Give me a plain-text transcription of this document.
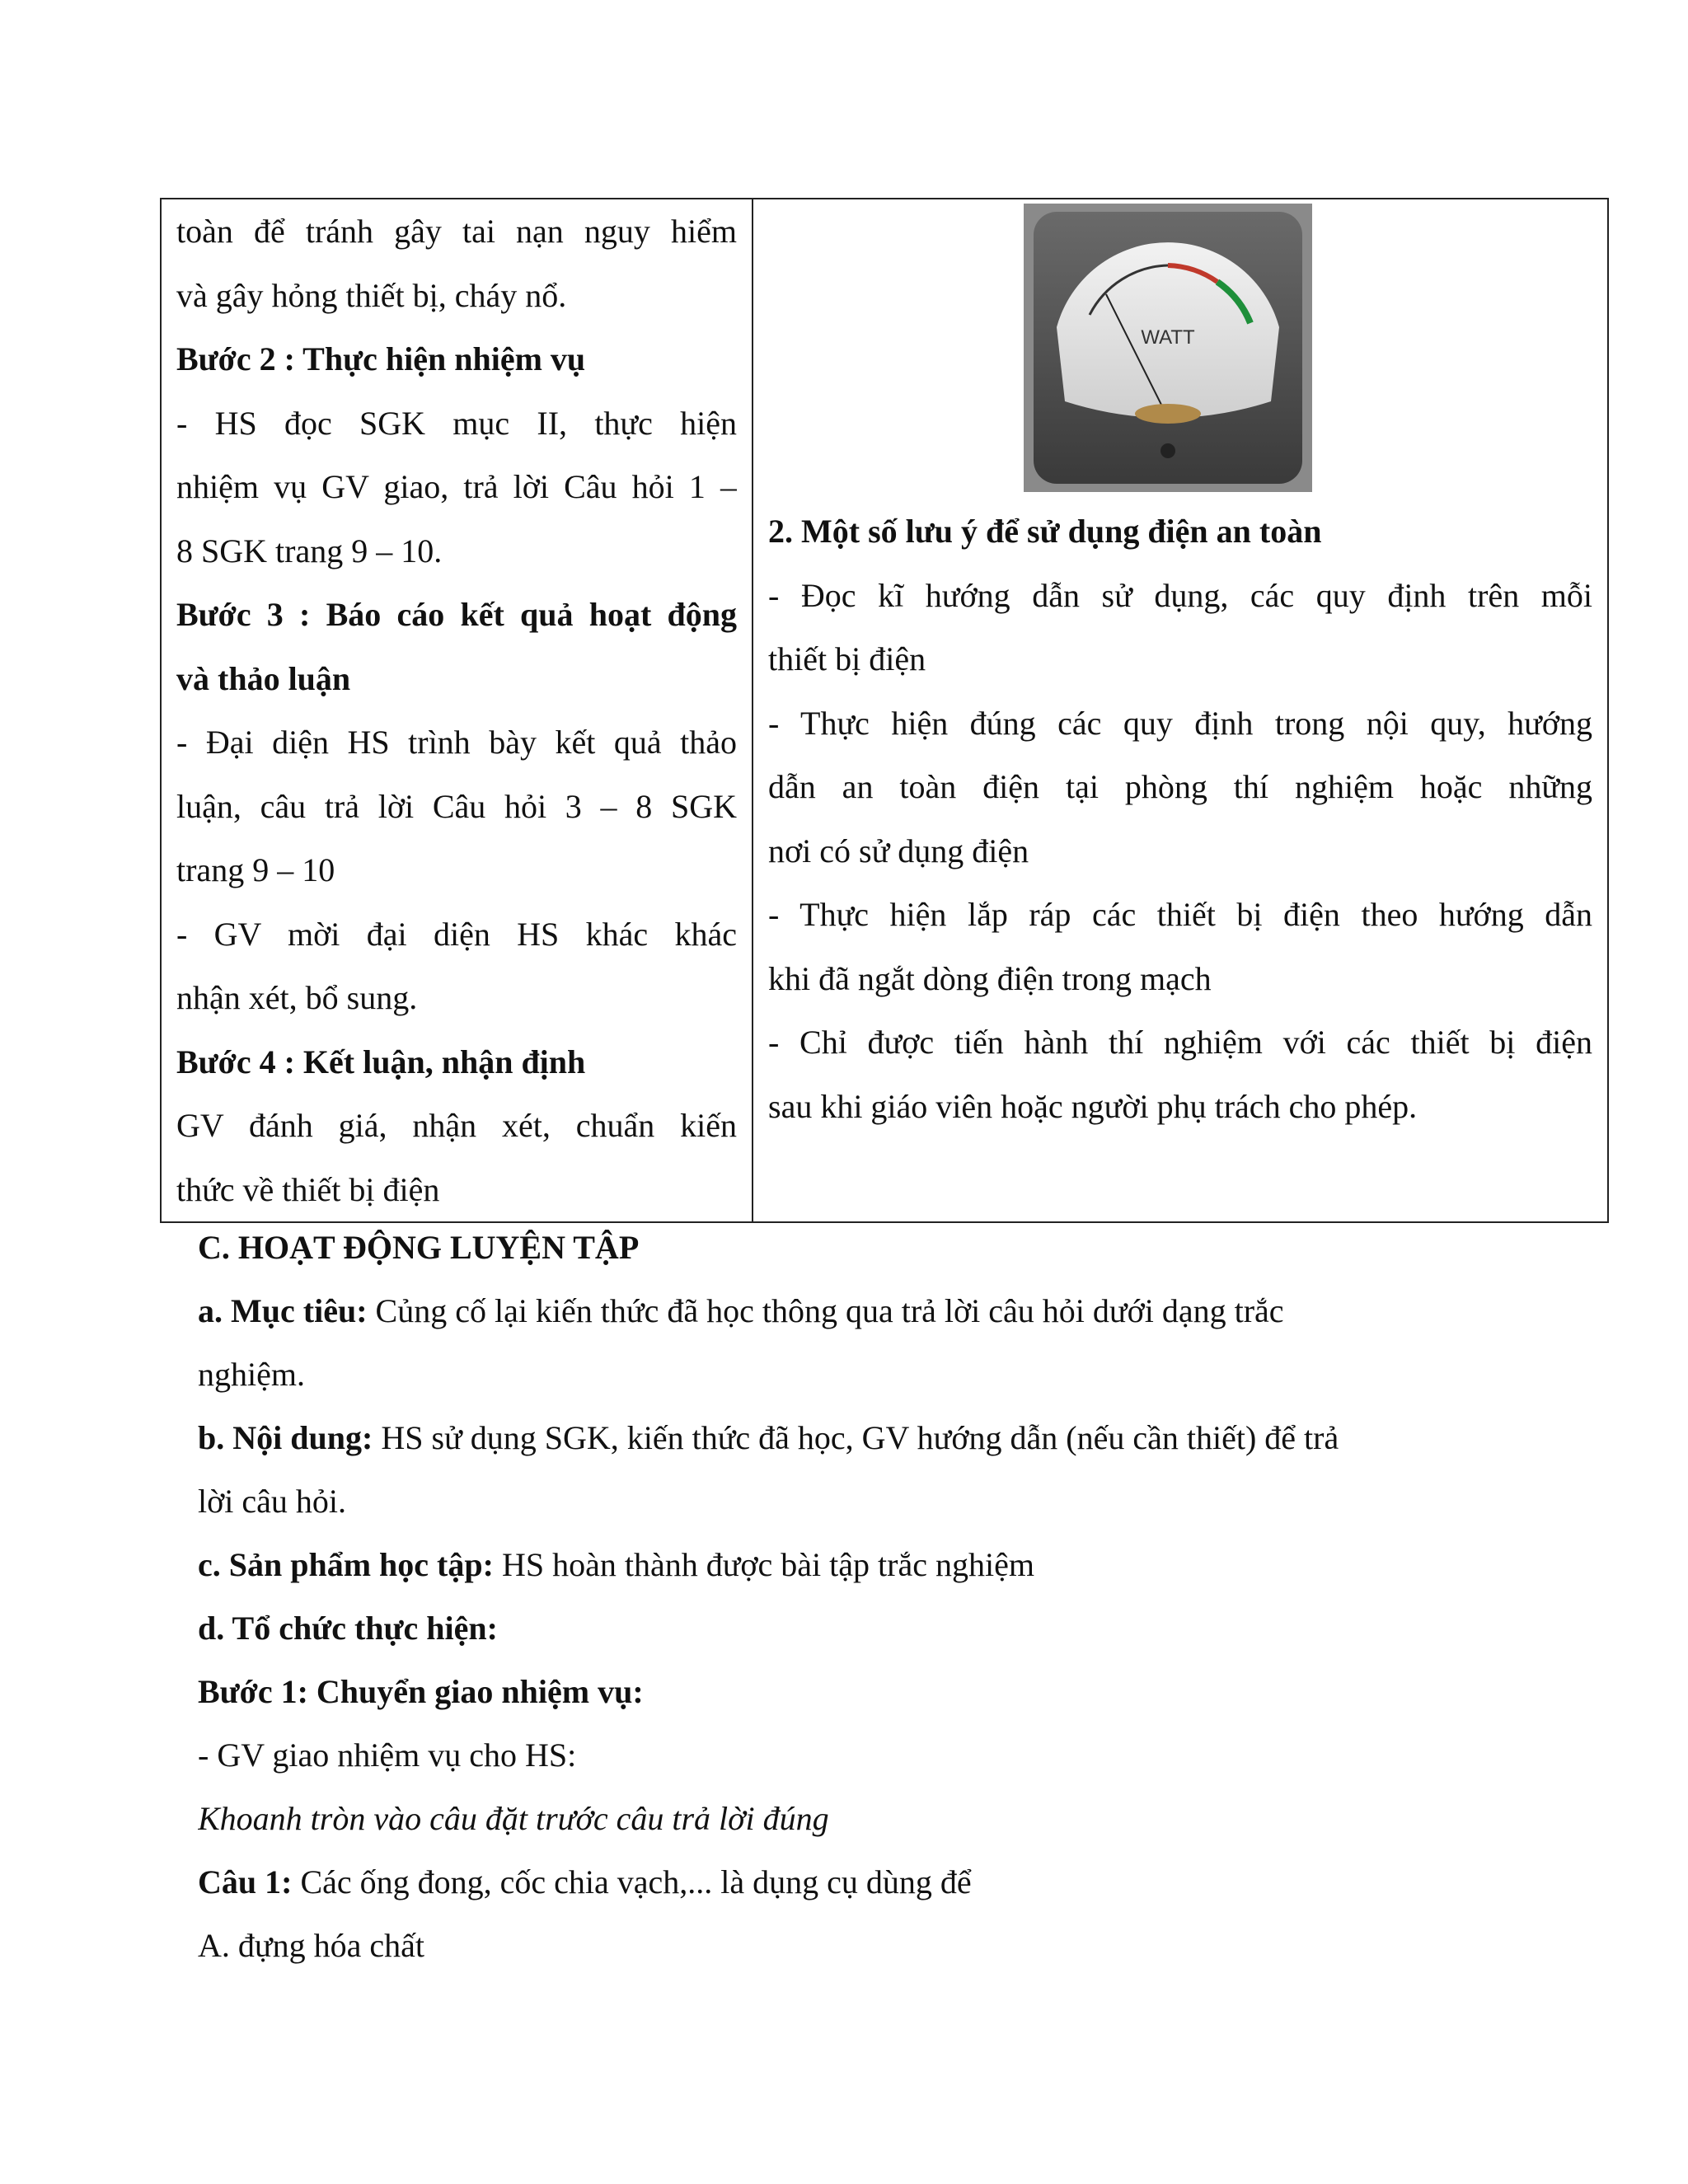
toàn để tránh gây tai nạn nguy hiểm
và gây hỏng thiết bị, cháy nổ.
Bước 2 : Thực hiện nhiệm vụ
- HS đọc SGK mục II, thực hiện
nhiệm vụ GV giao, trả lời Câu hỏi 1 –
8 SGK trang 9 – 10.
Bước 3 : Báo cáo kết quả hoạt động
và thảo luận
- Đại diện HS trình bày kết quả thảo
luận, câu trả lời Câu hỏi 3 – 8 SGK
trang 9 – 10
- GV mời đại diện HS khác khác
nhận xét, bổ sung.
Bước 4 : Kết luận, nhận định
GV đánh giá, nhận xét, chuẩn kiến
thức về thiết bị điện

WATT
2. Một số lưu ý để sử dụng điện an toàn
- Đọc kĩ hướng dẫn sử dụng, các quy định trên mỗi
thiết bị điện
- Thực hiện đúng các quy định trong nội quy, hướng
dẫn an toàn điện tại phòng thí nghiệm hoặc những
nơi có sử dụng điện
- Thực hiện lắp ráp các thiết bị điện theo hướng dẫn
khi đã ngắt dòng điện trong mạch
- Chỉ được tiến hành thí nghiệm với các thiết bị điện
sau khi giáo viên hoặc người phụ trách cho phép.
C. HOẠT ĐỘNG LUYỆN TẬP
a. Mục tiêu: Củng cố lại kiến thức đã học thông qua trả lời câu hỏi dưới dạng trắc
nghiệm.
b. Nội dung: HS sử dụng SGK, kiến thức đã học, GV hướng dẫn (nếu cần thiết) để trả
lời câu hỏi.
c. Sản phẩm học tập: HS hoàn thành được bài tập trắc nghiệm
d. Tổ chức thực hiện:
Bước 1: Chuyển giao nhiệm vụ:
- GV giao nhiệm vụ cho HS:
Khoanh tròn vào câu đặt trước câu trả lời đúng
Câu 1: Các ống đong, cốc chia vạch,... là dụng cụ dùng để
A. đựng hóa chất
